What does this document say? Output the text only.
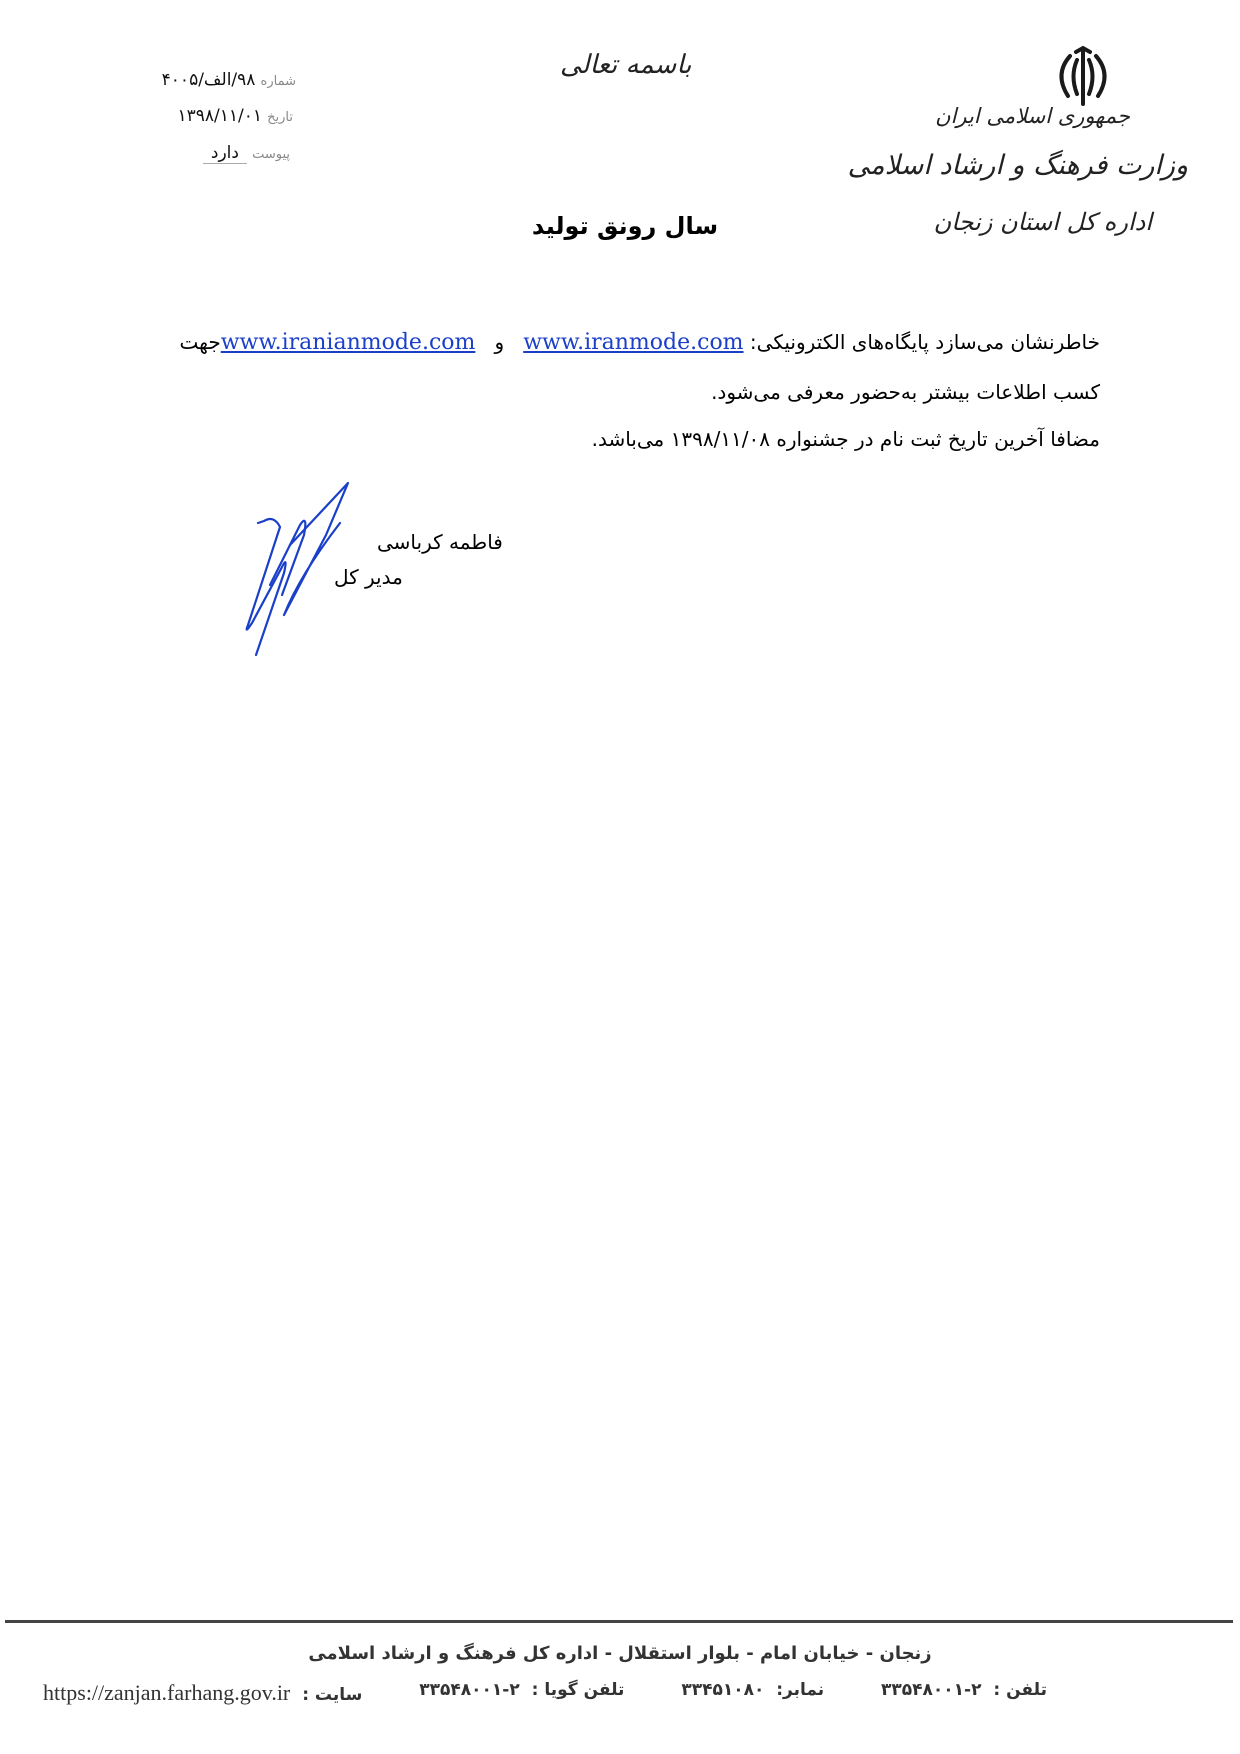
جمهوری اسلامی ایران
وزارت فرهنگ و ارشاد اسلامی
اداره کل استان زنجان
باسمه تعالی
شماره ۹۸/الف/۴۰۰۵
تاریخ ۱۳۹۸/۱۱/۰۱
پیوست دارد
سال رونق تولید
خاطرنشان می‌سازد پایگاه‌های الکترونیکی: www.iranmode.com   و   www.iranianmode.comجهت
کسب اطلاعات بیشتر به‌حضور معرفی می‌شود.
مضافا آخرین تاریخ ثبت نام در جشنواره ۱۳۹۸/۱۱/۰۸ می‌باشد.
فاطمه کرباسی
مدیر کل
زنجان - خیابان امام - بلوار استقلال - اداره کل فرهنگ و ارشاد اسلامی
تلفن : ۲-۳۳۵۴۸۰۰۱
نمابر: ۳۳۴۵۱۰۸۰
تلفن گویا : ۲-۳۳۵۴۸۰۰۱
سایت : https://zanjan.farhang.gov.ir
